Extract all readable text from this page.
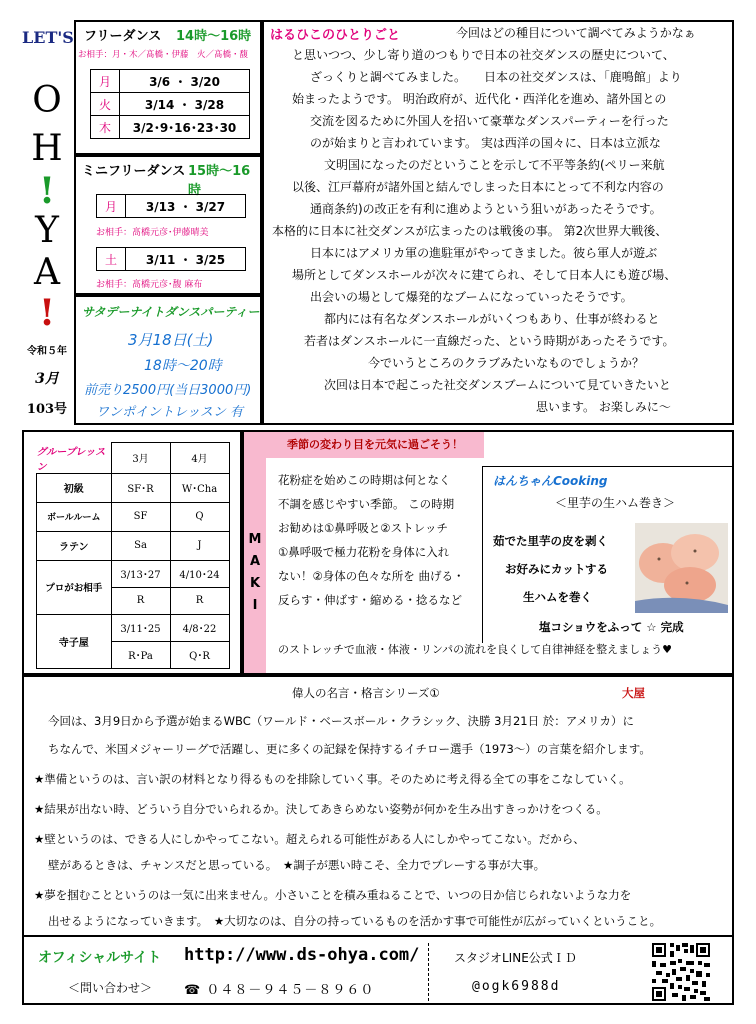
LET'S
O
H
!
Y
A
!
令和５年
3月
103号
フリーダンス 14時～16時
お相手：月・木／髙橋・伊藤　火／髙橋・馥
月	3/6 ・ 3/20
火	3/14 ・ 3/28
木	3/2･9･16･23･30
ミニフリーダンス 15時～16時
月	3/13 ・ 3/27
お相手：髙橋元彦･伊藤晴美
土	3/11 ・ 3/25
お相手：髙橋元彦･馥 麻布
サタデーナイトダンスパーティー
3月18日(土)
18時～20時
前売り2500円(当日3000円)
ワンポイントレッスン 有
はるひこのひとりごと	今回はどの種目について調べてみようかなぁ
と思いつつ、少し寄り道のつもりで日本の社交ダンスの歴史について、
ざっくりと調べてみました。　　日本の社交ダンスは、「鹿鳴館」より
始まったようです。 明治政府が、近代化・西洋化を進め、諸外国との
交流を図るために外国人を招いて豪華なダンスパーティーを行った
のが始まりと言われています。 実は西洋の国々に、日本は立派な
文明国になったのだということを示して不平等条約(ペリー来航
以後、江戸幕府が諸外国と結んでしまった日本にとって不利な内容の
通商条約)の改正を有利に進めようという狙いがあったそうです。
本格的に日本に社交ダンスが広まったのは戦後の事。 第2次世界大戦後、
日本にはアメリカ軍の進駐軍がやってきました。彼ら軍人が遊ぶ
場所としてダンスホールが次々に建てられ、そして日本人にも遊び場、
出会いの場として爆発的なブームになっていったそうです。
都内には有名なダンスホールがいくつもあり、仕事が終わると
若者はダンスホールに一直線だった、という時期があったそうです。
今でいうところのクラブみたいなものでしょうか？
次回は日本で起こった社交ダンスブームについて見ていきたいと
思います。 お楽しみに～
グループレッスン	3月	4月
初級	SF･R	W･Cha
ボールルーム	SF	Q
ラテン	Sa	J
プロがお相手	3/13･27	4/10･24
	R	R
寺子屋	3/11･25	4/8･22
	R･Pa	Q･R
M
A
K
I
季節の変わり目を元気に過ごそう！
花粉症を始めこの時期は何となく
不調を感じやすい季節。 この時期
お勧めは①鼻呼吸と②ストレッチ
①鼻呼吸で極力花粉を身体に入れ
ない！②身体の色々な所を 曲げる・
反らす・伸ばす・縮める・捻るなど
のストレッチで血液・体液・リンパの流れを良くして自律神経を整えましょう♥
はんちゃんCooking
＜里芋の生ハム巻き＞
茹でた里芋の皮を剥く
お好みにカットする
生ハムを巻く
塩コショウをふって ☆ 完成
偉人の名言・格言シリーズ①	大屋
今回は、3月9日から予選が始まるWBC（ワールド・ベースボール・クラシック、決勝 3月21日 於：アメリカ）に
ちなんで、米国メジャーリーグで活躍し、更に多くの記録を保持するイチロー選手（1973～）の言葉を紹介します。
★準備というのは、言い訳の材料となり得るものを排除していく事。そのために考え得る全ての事をこなしていく。
★結果が出ない時、どういう自分でいられるか。決してあきらめない姿勢が何かを生み出すきっかけをつくる。
★壁というのは、できる人にしかやってこない。超えられる可能性がある人にしかやってこない。だから、
壁があるときは、チャンスだと思っている。　★調子が悪い時こそ、全力でプレーする事が大事。
★夢を掴むことというのは一気に出来ません。小さいことを積み重ねることで、いつの日か信じられないような力を
出せるようになっていきます。　★大切なのは、自分の持っているものを活かす事で可能性が広がっていくということ。
オフィシャルサイト http://www.ds-ohya.com/
＜問い合わせ＞ ☎ ０４８－９４５－８９６０
スタジオLINE公式ＩＤ
@ogk6988d
